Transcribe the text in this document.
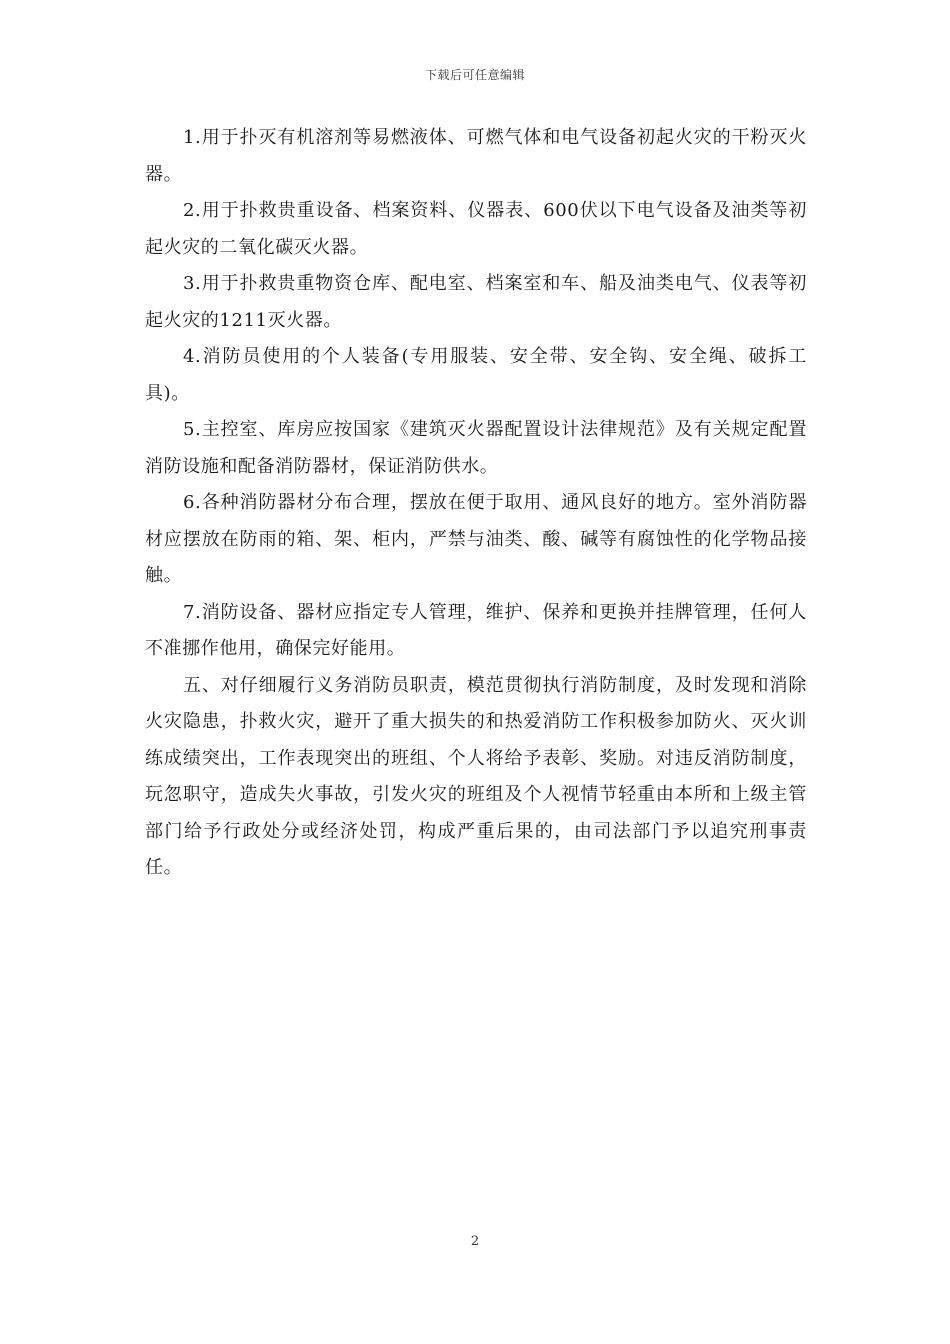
下载后可任意编辑

1.用于扑灭有机溶剂等易燃液体、可燃气体和电气设备初起火灾的干粉灭火器。

2.用于扑救贵重设备、档案资料、仪器表、600伏以下电气设备及油类等初起火灾的二氧化碳灭火器。

3.用于扑救贵重物资仓库、配电室、档案室和车、船及油类电气、仪表等初起火灾的1211灭火器。

4.消防员使用的个人装备(专用服装、安全带、安全钩、安全绳、破拆工具)。

5.主控室、库房应按国家《建筑灭火器配置设计法律规范》及有关规定配置消防设施和配备消防器材，保证消防供水。

6.各种消防器材分布合理，摆放在便于取用、通风良好的地方。室外消防器材应摆放在防雨的箱、架、柜内，严禁与油类、酸、碱等有腐蚀性的化学物品接触。

7.消防设备、器材应指定专人管理，维护、保养和更换并挂牌管理，任何人不准挪作他用，确保完好能用。

五、对仔细履行义务消防员职责，模范贯彻执行消防制度，及时发现和消除火灾隐患，扑救火灾，避开了重大损失的和热爱消防工作积极参加防火、灭火训练成绩突出，工作表现突出的班组、个人将给予表彰、奖励。对违反消防制度，玩忽职守，造成失火事故，引发火灾的班组及个人视情节轻重由本所和上级主管部门给予行政处分或经济处罚，构成严重后果的，由司法部门予以追究刑事责任。

2
